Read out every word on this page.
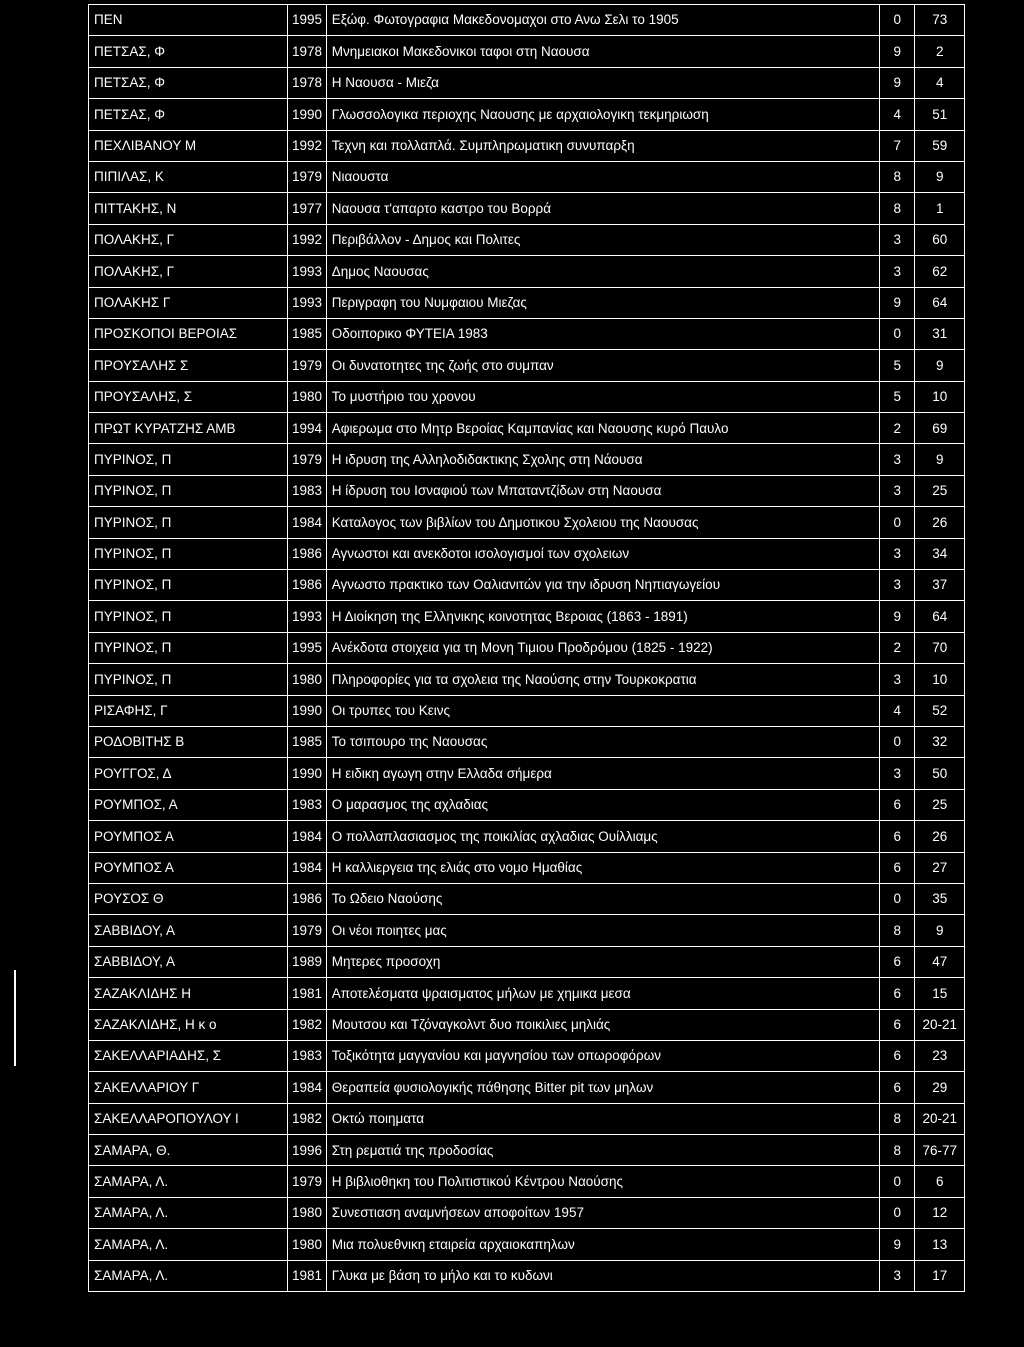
ΠΕΝ	1995	Εξώφ. Φωτογραφια Μακεδονομαχοι στο Ανω Σελι το 1905	0	73
ΠΕΤΣΑΣ, Φ	1978	Μνημειακοι Μακεδονικοι ταφοι στη Ναουσα	9	2
ΠΕΤΣΑΣ, Φ	1978	Η Ναουσα - Μιεζα	9	4
ΠΕΤΣΑΣ, Φ	1990	Γλωσσολογικα περιοχης Ναουσης με αρχαιολογικη τεκμηριωση	4	51
ΠΕΧΛΙΒΑΝΟΥ Μ	1992	Τεχνη και πολλαπλά. Συμπληρωματικη συνυπαρξη	7	59
ΠΙΠΙΛΑΣ, Κ	1979	Νιαουστα	8	9
ΠΙΤΤΑΚΗΣ, Ν	1977	Ναουσα τ'απαρτο καστρο του Βορρά	8	1
ΠΟΛΑΚΗΣ, Γ	1992	Περιβάλλον - Δημος και Πολιτες	3	60
ΠΟΛΑΚΗΣ, Γ	1993	Δημος Ναουσας	3	62
ΠΟΛΑΚΗΣ Γ	1993	Περιγραφη του Νυμφαιου Μιεζας	9	64
ΠΡΟΣΚΟΠΟΙ ΒΕΡΟΙΑΣ	1985	Οδοιπορικο ΦΥΤΕΙΑ 1983	0	31
ΠΡΟΥΣΑΛΗΣ Σ	1979	Οι δυνατοτητες της ζωής στο συμπαν	5	9
ΠΡΟΥΣΑΛΗΣ, Σ	1980	Το μυστήριο του χρονου	5	10
ΠΡΩΤ ΚΥΡΑΤΖΗΣ ΑΜΒ	1994	Αφιερωμα στο Μητρ Βεροίας Καμπανίας και Ναουσης κυρό Παυλο	2	69
ΠΥΡΙΝΟΣ, Π	1979	Η ιδρυση της Αλληλοδιδακτικης Σχολης στη Νάουσα	3	9
ΠΥΡΙΝΟΣ, Π	1983	Η ίδρυση του Ισναφιού των Μπαταντζίδων στη Ναουσα	3	25
ΠΥΡΙΝΟΣ, Π	1984	Καταλογος των βιβλίων του Δημοτικου Σχολειου της Ναουσας	0	26
ΠΥΡΙΝΟΣ, Π	1986	Αγνωστοι και ανεκδοτοι ισολογισμοί των σχολειων	3	34
ΠΥΡΙΝΟΣ, Π	1986	Αγνωστο πρακτικο των Οαλιανιτών για την ιδρυση Νηπιαγωγείου	3	37
ΠΥΡΙΝΟΣ, Π	1993	Η Διοίκηση της Ελληνικης κοινοτητας Βεροιας (1863 - 1891)	9	64
ΠΥΡΙΝΟΣ, Π	1995	Ανέκδοτα στοιχεια για τη Μονη Τιμιου Προδρόμου (1825 - 1922)	2	70
ΠΥΡΙΝΟΣ, Π	1980	Πληροφορίες για τα σχολεια της Ναούσης στην Τουρκοκρατια	3	10
ΡΙΣΑΦΗΣ, Γ	1990	Οι τρυπες του Κεινς	4	52
ΡΟΔΟΒΙΤΗΣ Β	1985	Το τσιπουρο της Ναουσας	0	32
ΡΟΥΓΓΟΣ, Δ	1990	Η ειδικη αγωγη στην Ελλαδα σήμερα	3	50
ΡΟΥΜΠΟΣ, Α	1983	Ο μαρασμος της αχλαδιας	6	25
ΡΟΥΜΠΟΣ Α	1984	Ο πολλαπλασιασμος της ποικιλίας αχλαδιας Ουίλλιαμς	6	26
ΡΟΥΜΠΟΣ Α	1984	Η καλλιεργεια της ελιάς στο νομο Ημαθίας	6	27
ΡΟΥΣΟΣ Θ	1986	Το Ωδειο Ναούσης	0	35
ΣΑΒΒΙΔΟΥ, Α	1979	Οι νέοι ποιητες μας	8	9
ΣΑΒΒΙΔΟΥ, Α	1989	Μητερες προσοχη	6	47
ΣΑΖΑΚΛΙΔΗΣ Η	1981	Αποτελέσματα ψραισματος μήλων με χημικα μεσα	6	15
ΣΑΖΑΚΛΙΔΗΣ, Η κ ο	1982	Μουτσου και Τζόναγκολντ δυο ποικιλιες μηλιάς	6	20-21
ΣΑΚΕΛΛΑΡΙΑΔΗΣ, Σ	1983	Τοξικότητα μαγγανίου και μαγνησίου των οπωροφόρων	6	23
ΣΑΚΕΛΛΑΡΙΟΥ Γ	1984	Θεραπεία φυσιολογικής πάθησης Bitter pit των μηλων	6	29
ΣΑΚΕΛΛΑΡΟΠΟΥΛΟΥ Ι	1982	Οκτώ ποιηματα	8	20-21
ΣΑΜΑΡΑ, Θ.	1996	Στη ρεματιά της προδοσίας	8	76-77
ΣΑΜΑΡΑ, Λ.	1979	Η βιβλιοθηκη του Πολιτιστικού Κέντρου Ναούσης	0	6
ΣΑΜΑΡΑ, Λ.	1980	Συνεστιαση αναμνήσεων αποφοίτων 1957	0	12
ΣΑΜΑΡΑ, Λ.	1980	Μια πολυεθνικη εταιρεία αρχαιοκαπηλων	9	13
ΣΑΜΑΡΑ, Λ.	1981	Γλυκα με βάση το μήλο και το κυδωνι	3	17
